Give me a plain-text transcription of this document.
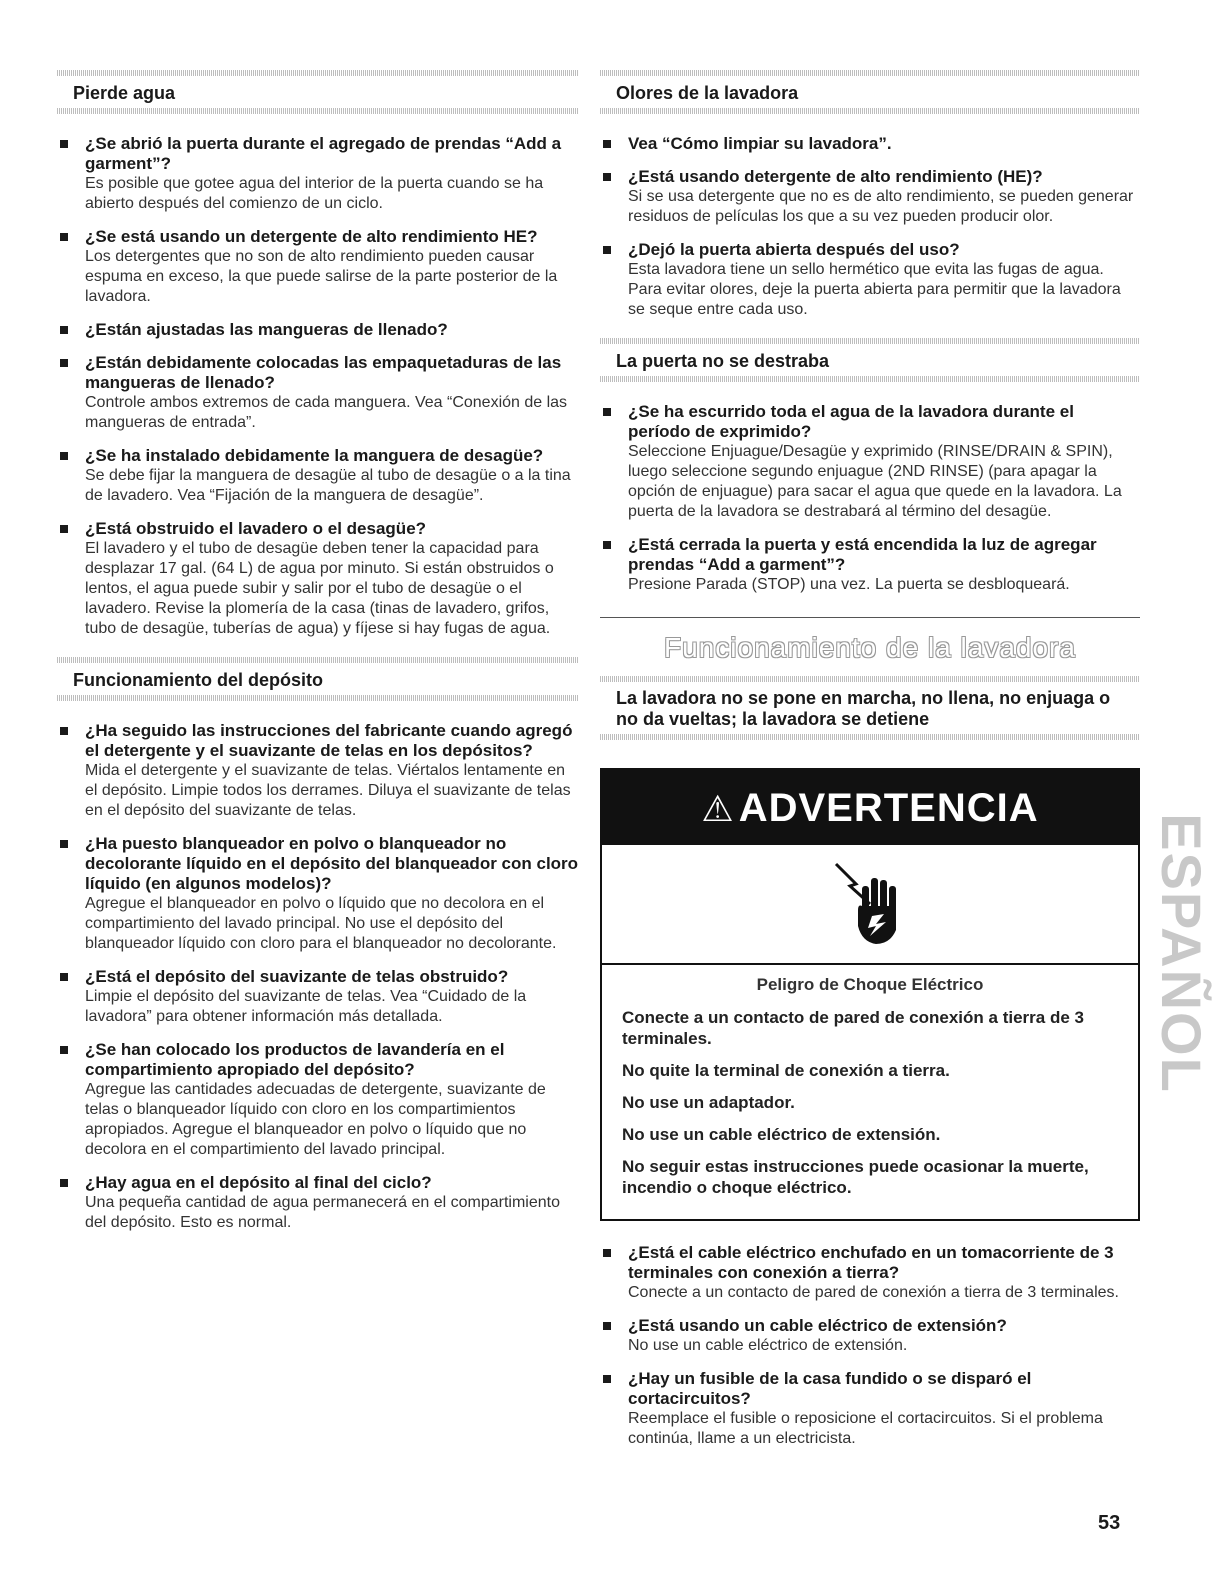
Pierde agua
¿Se abrió la puerta durante el agregado de prendas “Add a garment”?
Es posible que gotee agua del interior de la puerta cuando se ha abierto después del comienzo de un ciclo.
¿Se está usando un detergente de alto rendimiento HE?
Los detergentes que no son de alto rendimiento pueden causar espuma en exceso, la que puede salirse de la parte posterior de la lavadora.
¿Están ajustadas las mangueras de llenado?
¿Están debidamente colocadas las empaquetaduras de las mangueras de llenado?
Controle ambos extremos de cada manguera. Vea “Conexión de las mangueras de entrada”.
¿Se ha instalado debidamente la manguera de desagüe?
Se debe fijar la manguera de desagüe al tubo de desagüe o a la tina de lavadero. Vea “Fijación de la manguera de desagüe”.
¿Está obstruido el lavadero o el desagüe?
El lavadero y el tubo de desagüe deben tener la capacidad para desplazar 17 gal. (64 L) de agua por minuto. Si están obstruidos o lentos, el agua puede subir y salir por el tubo de desagüe o el lavadero. Revise la plomería de la casa (tinas de lavadero, grifos, tubo de desagüe, tuberías de agua) y fíjese si hay fugas de agua.
Funcionamiento del depósito
¿Ha seguido las instrucciones del fabricante cuando agregó el detergente y el suavizante de telas en los depósitos?
Mida el detergente y el suavizante de telas. Viértalos lentamente en el depósito. Limpie todos los derrames. Diluya el suavizante de telas en el depósito del suavizante de telas.
¿Ha puesto blanqueador en polvo o blanqueador no decolorante líquido en el depósito del blanqueador con cloro líquido (en algunos modelos)?
Agregue el blanqueador en polvo o líquido que no decolora en el compartimiento del lavado principal. No use el depósito del blanqueador líquido con cloro para el blanqueador no decolorante.
¿Está el depósito del suavizante de telas obstruido?
Limpie el depósito del suavizante de telas. Vea “Cuidado de la lavadora” para obtener información más detallada.
¿Se han colocado los productos de lavandería en el compartimiento apropiado del depósito?
Agregue las cantidades adecuadas de detergente, suavizante de telas o blanqueador líquido con cloro en los compartimientos apropiados. Agregue el blanqueador en polvo o líquido que no decolora en el compartimiento del lavado principal.
¿Hay agua en el depósito al final del ciclo?
Una pequeña cantidad de agua permanecerá en el compartimiento del depósito. Esto es normal.
Olores de la lavadora
Vea “Cómo limpiar su lavadora”.
¿Está usando detergente de alto rendimiento (HE)?
Si se usa detergente que no es de alto rendimiento, se pueden generar residuos de películas los que a su vez pueden producir olor.
¿Dejó la puerta abierta después del uso?
Esta lavadora tiene un sello hermético que evita las fugas de agua. Para evitar olores, deje la puerta abierta para permitir que la lavadora se seque entre cada uso.
La puerta no se destraba
¿Se ha escurrido toda el agua de la lavadora durante el período de exprimido?
Seleccione Enjuague/Desagüe y exprimido (RINSE/DRAIN & SPIN), luego seleccione segundo enjuague (2ND RINSE) (para apagar la opción de enjuague) para sacar el agua que quede en la lavadora. La puerta de la lavadora se destrabará al término del desagüe.
¿Está cerrada la puerta y está encendida la luz de agregar prendas “Add a garment”?
Presione Parada (STOP) una vez. La puerta se desbloqueará.
Funcionamiento de la lavadora
La lavadora no se pone en marcha, no llena, no enjuaga o no da vueltas; la lavadora se detiene
⚠ ADVERTENCIA

Peligro de Choque Eléctrico

Conecte a un contacto de pared de conexión a tierra de 3 terminales.

No quite la terminal de conexión a tierra.

No use un adaptador.

No use un cable eléctrico de extensión.

No seguir estas instrucciones puede ocasionar la muerte, incendio o choque eléctrico.

¿Está el cable eléctrico enchufado en un tomacorriente de 3 terminales con conexión a tierra?
Conecte a un contacto de pared de conexión a tierra de 3 terminales.
¿Está usando un cable eléctrico de extensión?
No use un cable eléctrico de extensión.
¿Hay un fusible de la casa fundido o se disparó el cortacircuitos?
Reemplace el fusible o reposicione el cortacircuitos. Si el problema continúa, llame a un electricista.
ESPAÑOL
53
